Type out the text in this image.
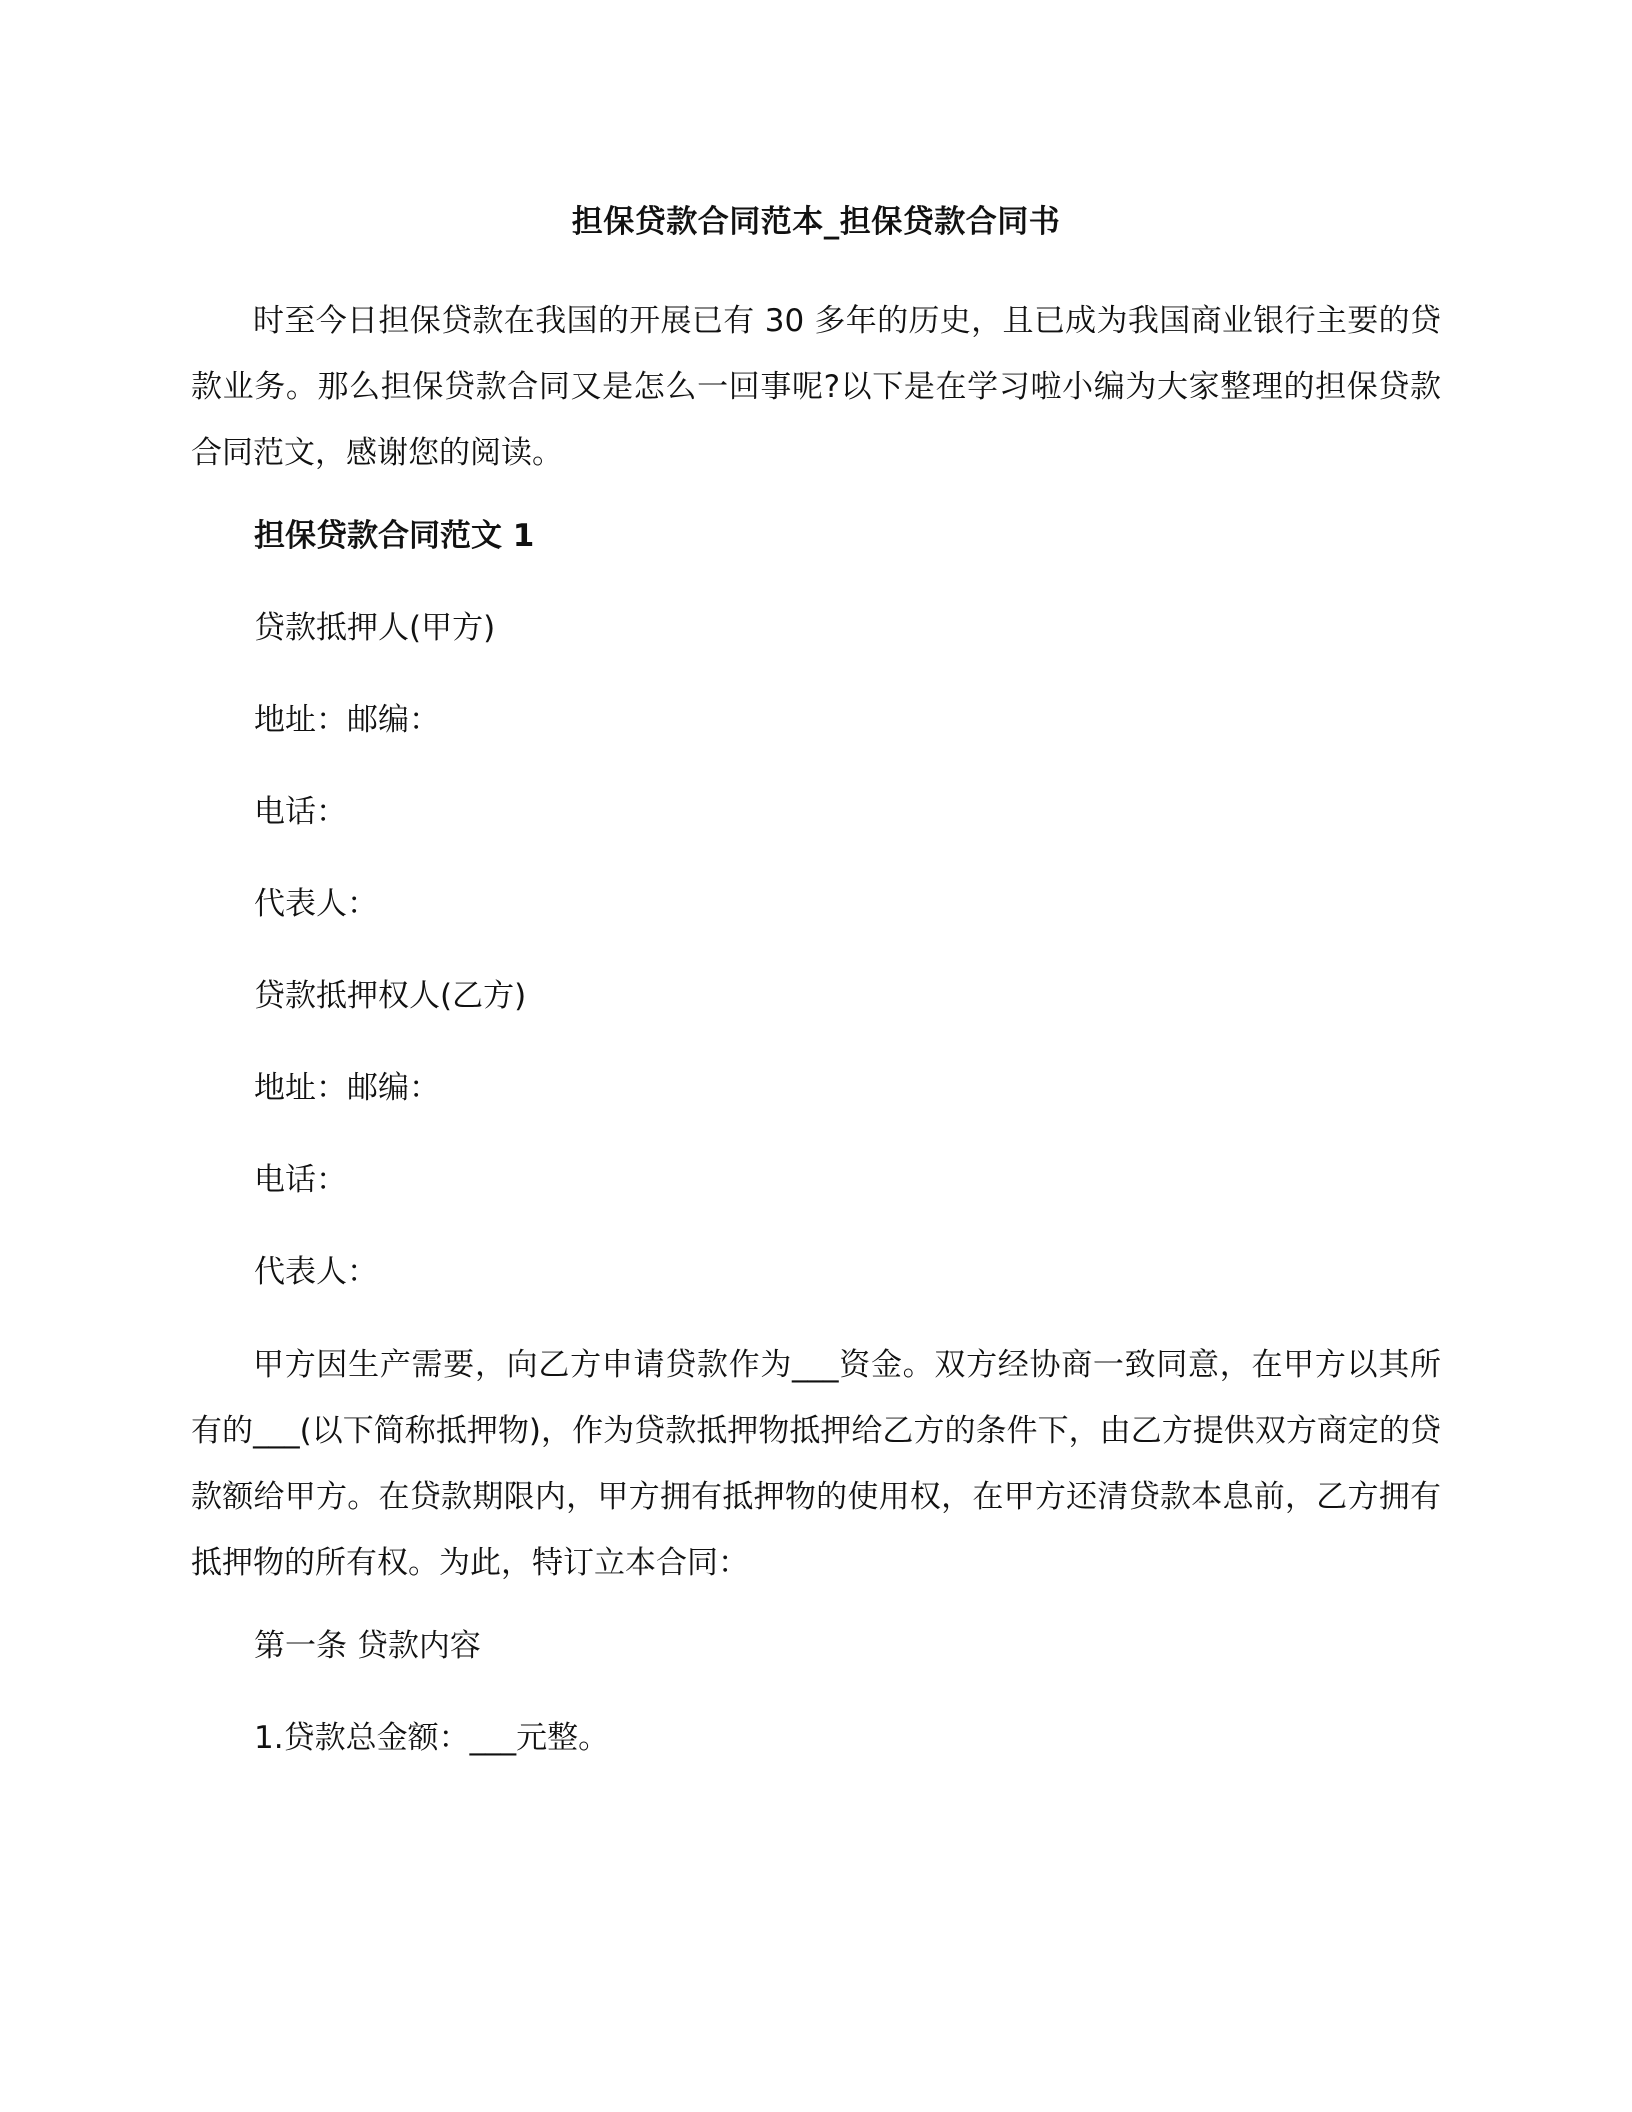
担保贷款合同范本_担保贷款合同书

时至今日担保贷款在我国的开展已有 30 多年的历史，且已成为我国商业银行主要的贷款业务。那么担保贷款合同又是怎么一回事呢?以下是在学习啦小编为大家整理的担保贷款合同范文，感谢您的阅读。

担保贷款合同范文 1

贷款抵押人(甲方)

地址：邮编：

电话：

代表人：

贷款抵押权人(乙方)

地址：邮编：

电话：

代表人：

甲方因生产需要，向乙方申请贷款作为___资金。双方经协商一致同意，在甲方以其所有的___(以下简称抵押物)，作为贷款抵押物抵押给乙方的条件下，由乙方提供双方商定的贷款额给甲方。在贷款期限内，甲方拥有抵押物的使用权，在甲方还清贷款本息前，乙方拥有抵押物的所有权。为此，特订立本合同：

第一条 贷款内容

1.贷款总金额：___元整。
